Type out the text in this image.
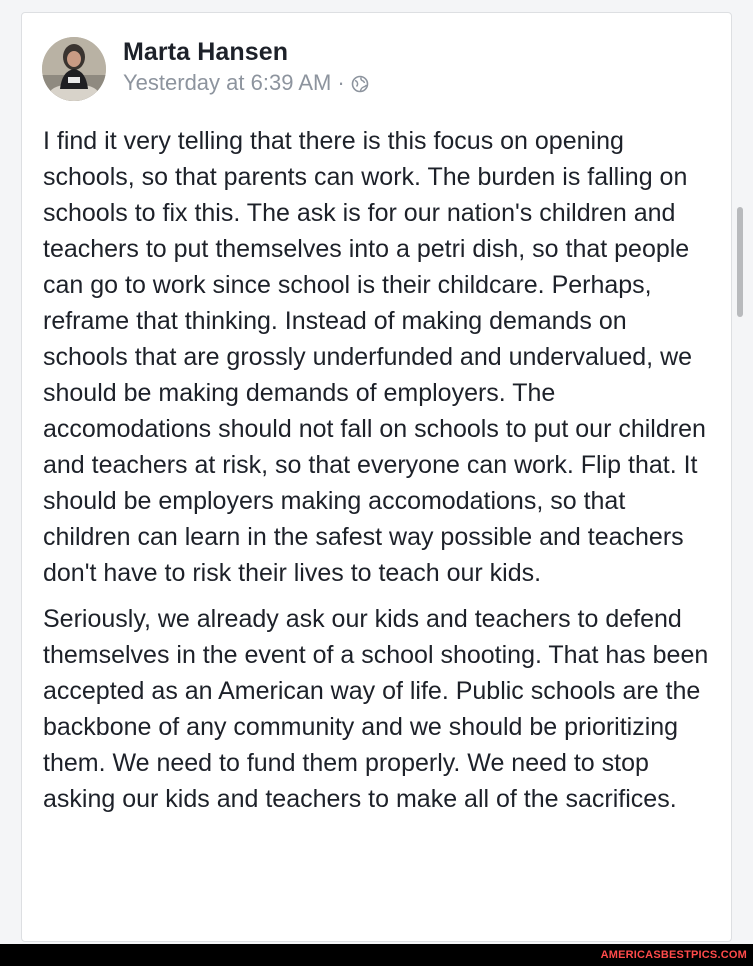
Marta Hansen
Yesterday at 6:39 AM ·

I find it very telling that there is this focus on opening schools, so that parents can work. The burden is falling on schools to fix this. The ask is for our nation's children and teachers to put themselves into a petri dish, so that people can go to work since school is their childcare. Perhaps, reframe that thinking. Instead of making demands on schools that are grossly underfunded and undervalued, we should be making demands of employers. The accomodations should not fall on schools to put our children and teachers at risk, so that everyone can work. Flip that. It should be employers making accomodations, so that children can learn in the safest way possible and teachers don't have to risk their lives to teach our kids.

Seriously, we already ask our kids and teachers to defend themselves in the event of a school shooting. That has been accepted as an American way of life. Public schools are the backbone of any community and we should be prioritizing them. We need to fund them properly. We need to stop asking our kids and teachers to make all of the sacrifices.

AMERICASBESTPICS.COM
